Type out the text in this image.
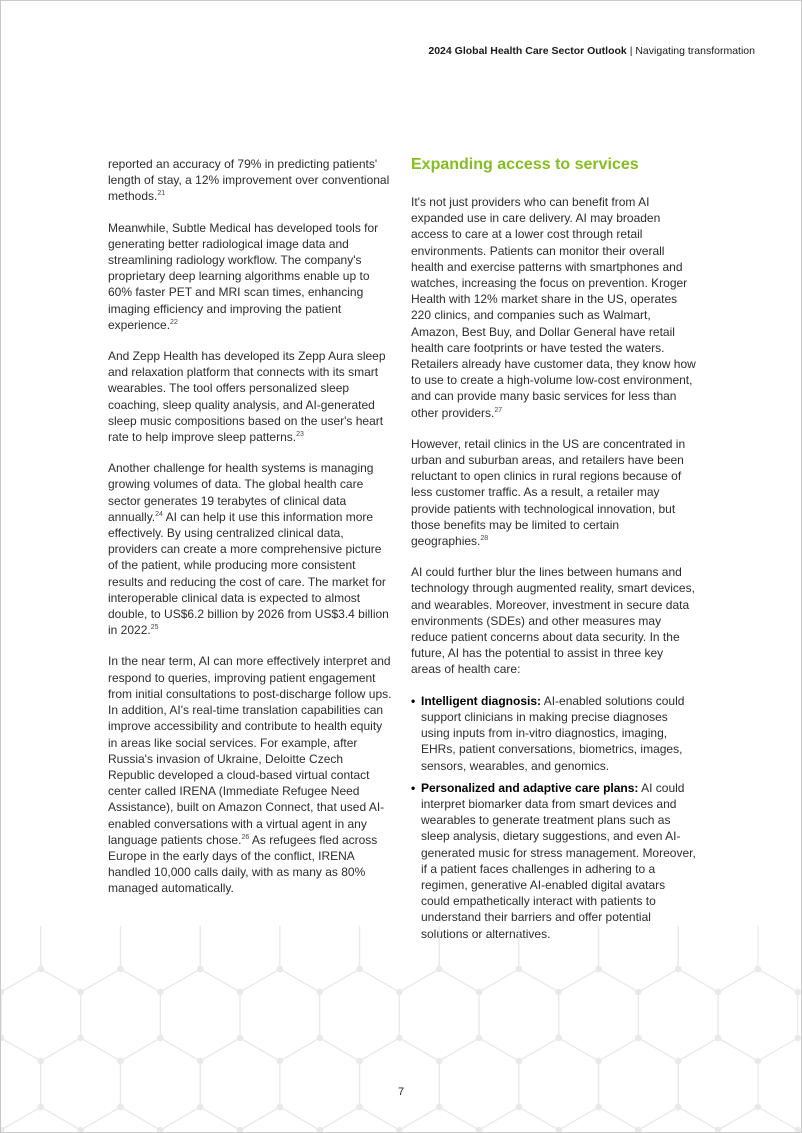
2024 Global Health Care Sector Outlook | Navigating transformation

reported an accuracy of 79% in predicting patients' length of stay, a 12% improvement over conventional methods.$^{21}$

Meanwhile, Subtle Medical has developed tools for generating better radiological image data and streamlining radiology workflow. The company's proprietary deep learning algorithms enable up to 60% faster PET and MRI scan times, enhancing imaging efficiency and improving the patient experience.$^{22}$

And Zepp Health has developed its Zepp Aura sleep and relaxation platform that connects with its smart wearables. The tool offers personalized sleep coaching, sleep quality analysis, and AI-generated sleep music compositions based on the user's heart rate to help improve sleep patterns.$^{23}$

Another challenge for health systems is managing growing volumes of data. The global health care sector generates 19 terabytes of clinical data annually.$^{24}$ AI can help it use this information more effectively. By using centralized clinical data, providers can create a more comprehensive picture of the patient, while producing more consistent results and reducing the cost of care. The market for interoperable clinical data is expected to almost double, to US$6.2 billion by 2026 from US$3.4 billion in 2022.25

In the near term, AI can more effectively interpret and respond to queries, improving patient engagement from initial consultations to post-discharge follow ups. In addition, AI's real-time translation capabilities can improve accessibility and contribute to health equity in areas like social services. For example, after Russia's invasion of Ukraine, Deloitte Czech Republic developed a cloud-based virtual contact center called IRENA (Immediate Refugee Need Assistance), built on Amazon Connect, that used AI-enabled conversations with a virtual agent in any language patients chose.$^{26}$ As refugees fled across Europe in the early days of the conflict, IRENA handled 10,000 calls daily, with as many as 80% managed automatically.

Expanding access to services

It's not just providers who can benefit from AI expanded use in care delivery. AI may broaden access to care at a lower cost through retail environments. Patients can monitor their overall health and exercise patterns with smartphones and watches, increasing the focus on prevention. Kroger Health with 12% market share in the US, operates 220 clinics, and companies such as Walmart, Amazon, Best Buy, and Dollar General have retail health care footprints or have tested the waters. Retailers already have customer data, they know how to use to create a high-volume low-cost environment, and can provide many basic services for less than other providers.$^{27}$

However, retail clinics in the US are concentrated in urban and suburban areas, and retailers have been reluctant to open clinics in rural regions because of less customer traffic. As a result, a retailer may provide patients with technological innovation, but those benefits may be limited to certain geographies.$^{28}$

AI could further blur the lines between humans and technology through augmented reality, smart devices, and wearables. Moreover, investment in secure data environments (SDEs) and other measures may reduce patient concerns about data security. In the future, AI has the potential to assist in three key areas of health care:

• Intelligent diagnosis: AI-enabled solutions could support clinicians in making precise diagnoses using inputs from in-vitro diagnostics, imaging, EHRs, patient conversations, biometrics, images, sensors, wearables, and genomics.
• Personalized and adaptive care plans: AI could interpret biomarker data from smart devices and wearables to generate treatment plans such as sleep analysis, dietary suggestions, and even AI-generated music for stress management. Moreover, if a patient faces challenges in adhering to a regimen, generative AI-enabled digital avatars could empathetically interact with patients to understand their barriers and offer potential solutions or alternatives.
7
